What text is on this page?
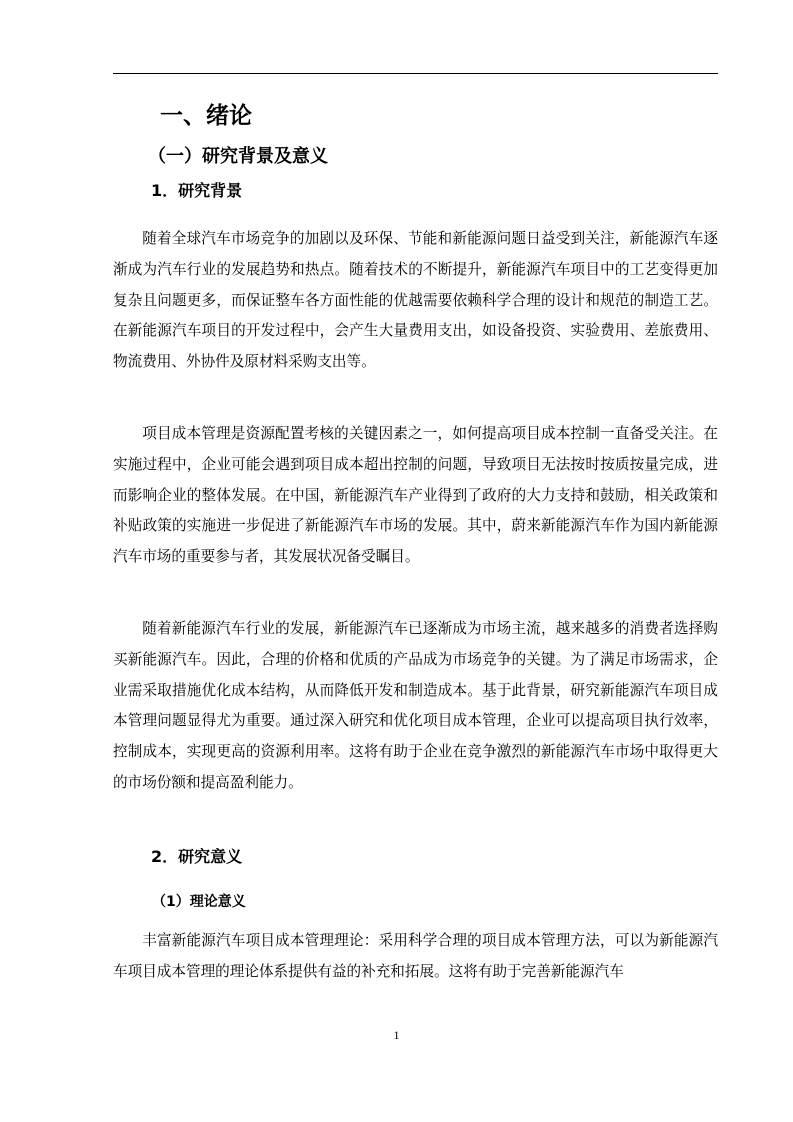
一、绪论
（一）研究背景及意义
1．研究背景

随着全球汽车市场竞争的加剧以及环保、节能和新能源问题日益受到关注，新能源汽车逐渐成为汽车行业的发展趋势和热点。随着技术的不断提升，新能源汽车项目中的工艺变得更加复杂且问题更多，而保证整车各方面性能的优越需要依赖科学合理的设计和规范的制造工艺。在新能源汽车项目的开发过程中，会产生大量费用支出，如设备投资、实验费用、差旅费用、物流费用、外协件及原材料采购支出等。

项目成本管理是资源配置考核的关键因素之一，如何提高项目成本控制一直备受关注。在实施过程中，企业可能会遇到项目成本超出控制的问题，导致项目无法按时按质按量完成，进而影响企业的整体发展。在中国，新能源汽车产业得到了政府的大力支持和鼓励，相关政策和补贴政策的实施进一步促进了新能源汽车市场的发展。其中，蔚来新能源汽车作为国内新能源汽车市场的重要参与者，其发展状况备受瞩目。

随着新能源汽车行业的发展，新能源汽车已逐渐成为市场主流，越来越多的消费者选择购买新能源汽车。因此，合理的价格和优质的产品成为市场竞争的关键。为了满足市场需求，企业需采取措施优化成本结构，从而降低开发和制造成本。基于此背景，研究新能源汽车项目成本管理问题显得尤为重要。通过深入研究和优化项目成本管理，企业可以提高项目执行效率，控制成本，实现更高的资源利用率。这将有助于企业在竞争激烈的新能源汽车市场中取得更大的市场份额和提高盈利能力。

2．研究意义
（1）理论意义

丰富新能源汽车项目成本管理理论：采用科学合理的项目成本管理方法，可以为新能源汽车项目成本管理的理论体系提供有益的补充和拓展。这将有助于完善新能源汽车

1
